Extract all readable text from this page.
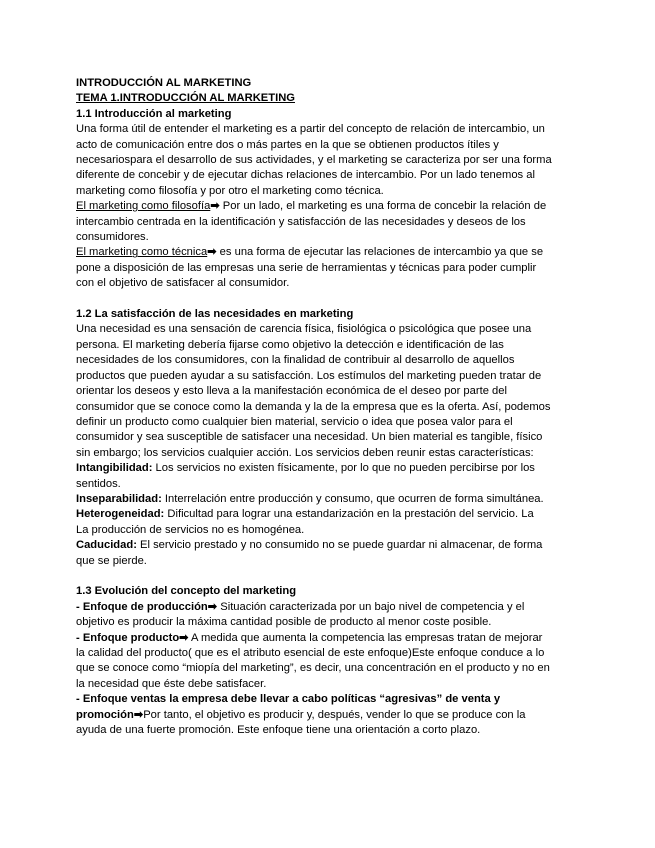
INTRODUCCIÓN AL MARKETING
TEMA 1.INTRODUCCIÓN AL MARKETING
1.1 Introducción al marketing
Una forma útil de entender el marketing es a partir del concepto de relación de intercambio, un
acto de comunicación entre dos o más partes en la que se obtienen productos ítiles y
necesariospara el desarrollo de sus actividades, y el marketing se caracteriza por ser una forma
diferente de concebir y de ejecutar dichas relaciones de intercambio. Por un lado tenemos al
marketing como filosofía y por otro el marketing como técnica.
El marketing como filosofía➡ Por un lado, el marketing es una forma de concebir la relación de
intercambio centrada en la identificación y satisfacción de las necesidades y deseos de los
consumidores.
El marketing como técnica➡ es una forma de ejecutar las relaciones de intercambio ya que se
pone a disposición de las empresas una serie de herramientas y técnicas para poder cumplir
con el objetivo de satisfacer al consumidor.
1.2 La satisfacción de las necesidades en marketing
Una necesidad es una sensación de carencia física, fisiológica o psicológica que posee una
persona. El marketing debería fijarse como objetivo la detección e identificación de las
necesidades de los consumidores, con la finalidad de contribuir al desarrollo de aquellos
productos que pueden ayudar a su satisfacción. Los estímulos del marketing pueden tratar de
orientar los deseos y esto lleva a la manifestación económica de el deseo por parte del
consumidor que se conoce como la demanda y la de la empresa que es la oferta. Así, podemos
definir un producto como cualquier bien material, servicio o idea que posea valor para el
consumidor y sea susceptible de satisfacer una necesidad. Un bien material es tangible, físico
sin embargo; los servicios cualquier acción. Los servicios deben reunir estas características:
Intangibilidad: Los servicios no existen físicamente, por lo que no pueden percibirse por los
sentidos.
Inseparabilidad: Interrelación entre producción y consumo, que ocurren de forma simultánea.
Heterogeneidad: Dificultad para lograr una estandarización en la prestación del servicio. La
La producción de servicios no es homogénea.
Caducidad: El servicio prestado y no consumido no se puede guardar ni almacenar, de forma
que se pierde.
1.3 Evolución del concepto del marketing
- Enfoque de producción➡ Situación caracterizada por un bajo nivel de competencia y el
objetivo es producir la máxima cantidad posible de producto al menor coste posible.
- Enfoque producto➡ A medida que aumenta la competencia las empresas tratan de mejorar
la calidad del producto( que es el atributo esencial de este enfoque)Este enfoque conduce a lo
que se conoce como “miopía del marketing”, es decir, una concentración en el producto y no en
la necesidad que éste debe satisfacer.
- Enfoque ventas la empresa debe llevar a cabo políticas “agresivas” de venta y
promoción➡Por tanto, el objetivo es producir y, después, vender lo que se produce con la
ayuda de una fuerte promoción. Este enfoque tiene una orientación a corto plazo.
